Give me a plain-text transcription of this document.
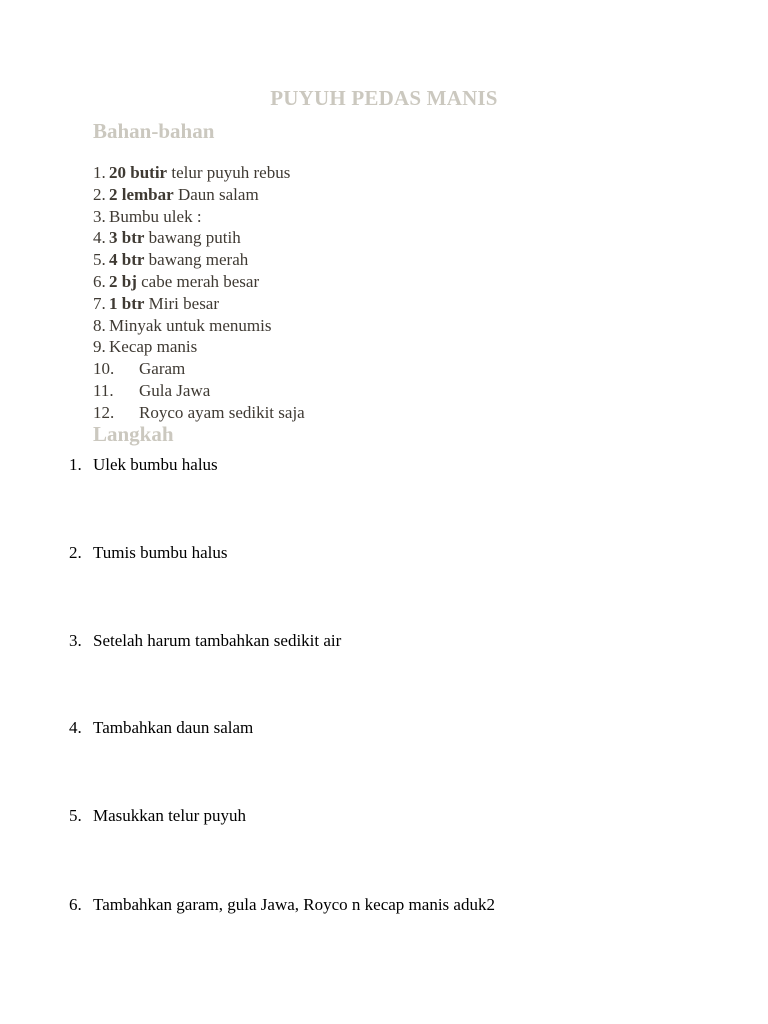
PUYUH PEDAS MANIS
Bahan-bahan
1. 20 butir telur puyuh rebus
2. 2 lembar Daun salam
3. Bumbu ulek :
4. 3 btr bawang putih
5. 4 btr bawang merah
6. 2 bj cabe merah besar
7. 1 btr Miri besar
8. Minyak untuk menumis
9. Kecap manis
10. Garam
11. Gula Jawa
12. Royco ayam sedikit saja
Langkah
1. Ulek bumbu halus
2. Tumis bumbu halus
3. Setelah harum tambahkan sedikit air
4. Tambahkan daun salam
5. Masukkan telur puyuh
6. Tambahkan garam, gula Jawa, Royco n kecap manis aduk2
